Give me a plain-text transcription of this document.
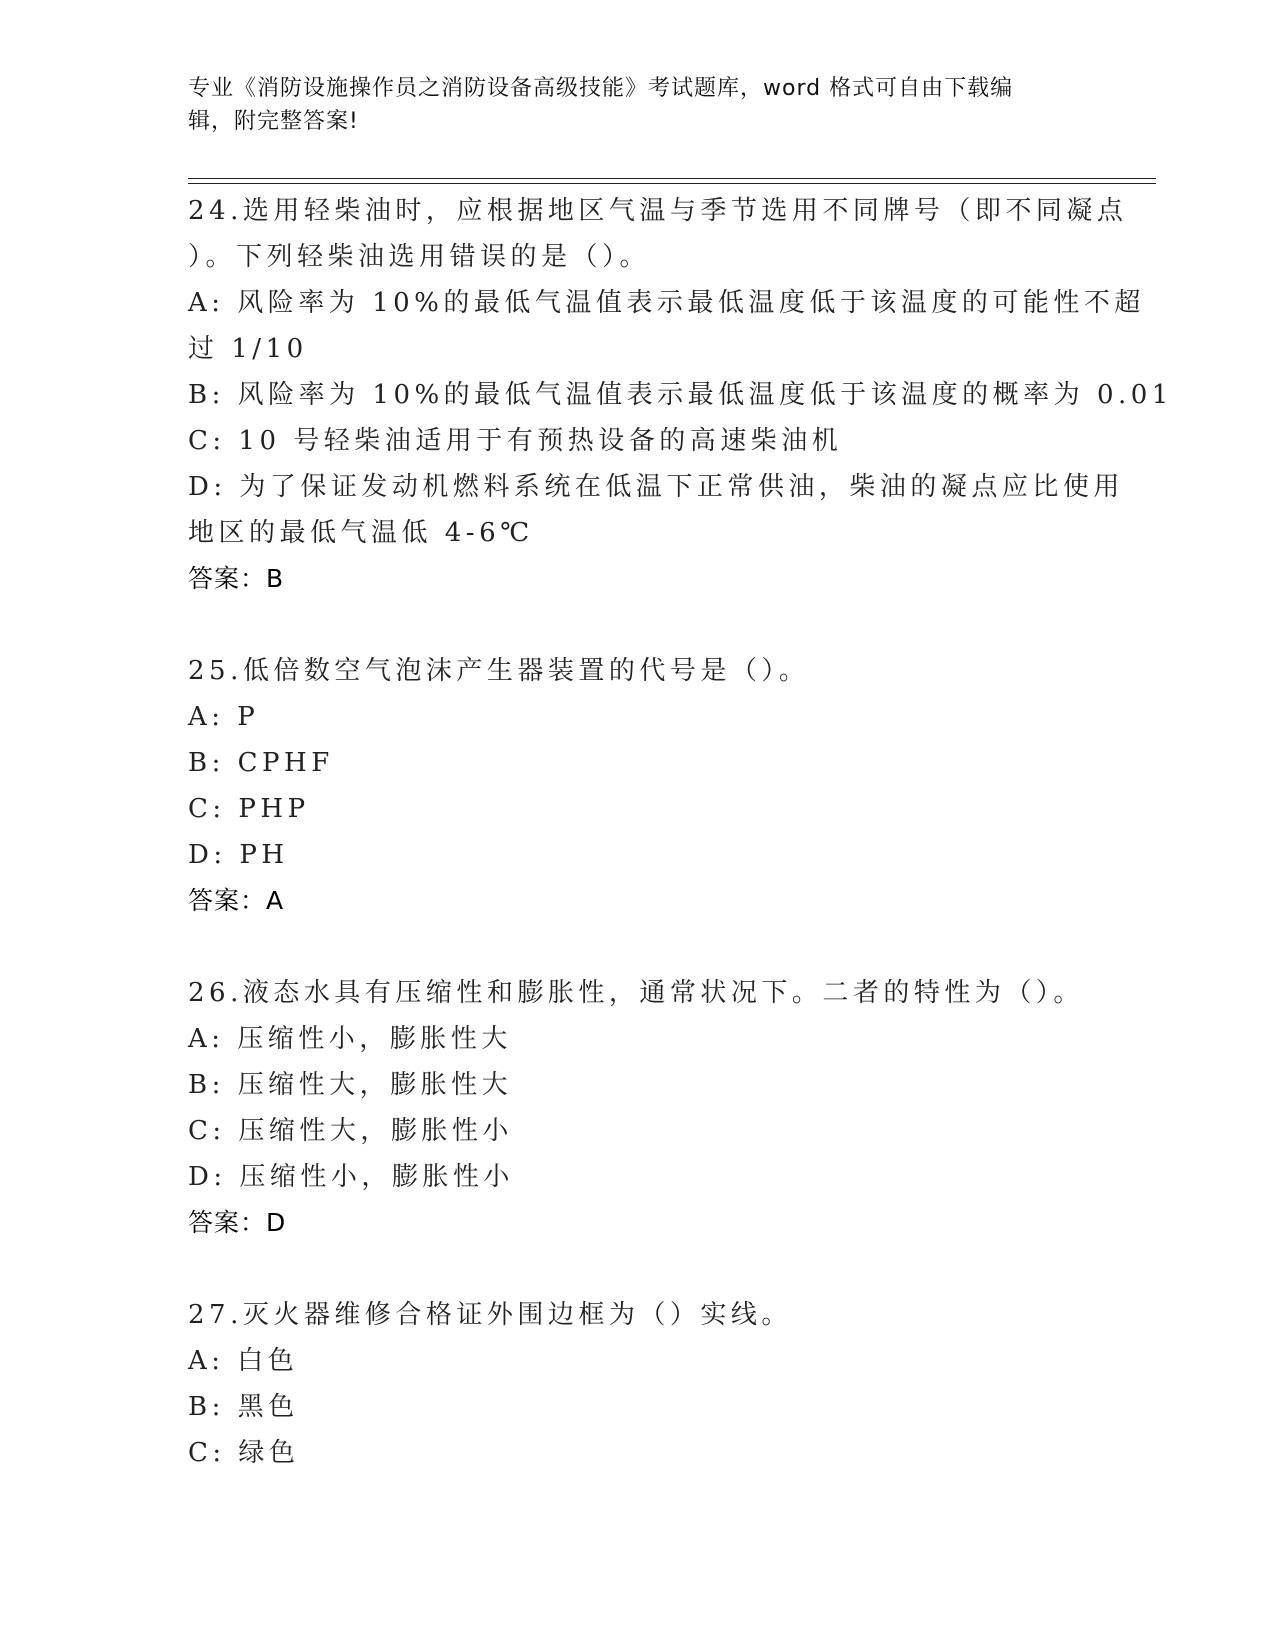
专业《消防设施操作员之消防设备高级技能》考试题库，word 格式可自由下载编
辑，附完整答案!
24.选用轻柴油时，应根据地区气温与季节选用不同牌号（即不同凝点
）。下列轻柴油选用错误的是（）。
A: 风险率为 10%的最低气温值表示最低温度低于该温度的可能性不超
过 1/10
B: 风险率为 10%的最低气温值表示最低温度低于该温度的概率为 0.01
C: 10 号轻柴油适用于有预热设备的高速柴油机
D: 为了保证发动机燃料系统在低温下正常供油，柴油的凝点应比使用
地区的最低气温低 4-6℃
答案：B
25.低倍数空气泡沫产生器装置的代号是（）。
A: P
B: CPHF
C: PHP
D: PH
答案：A
26.液态水具有压缩性和膨胀性，通常状况下。二者的特性为（）。
A: 压缩性小，膨胀性大
B: 压缩性大，膨胀性大
C: 压缩性大，膨胀性小
D: 压缩性小，膨胀性小
答案：D
27.灭火器维修合格证外围边框为（）实线。
A: 白色
B: 黑色
C: 绿色
